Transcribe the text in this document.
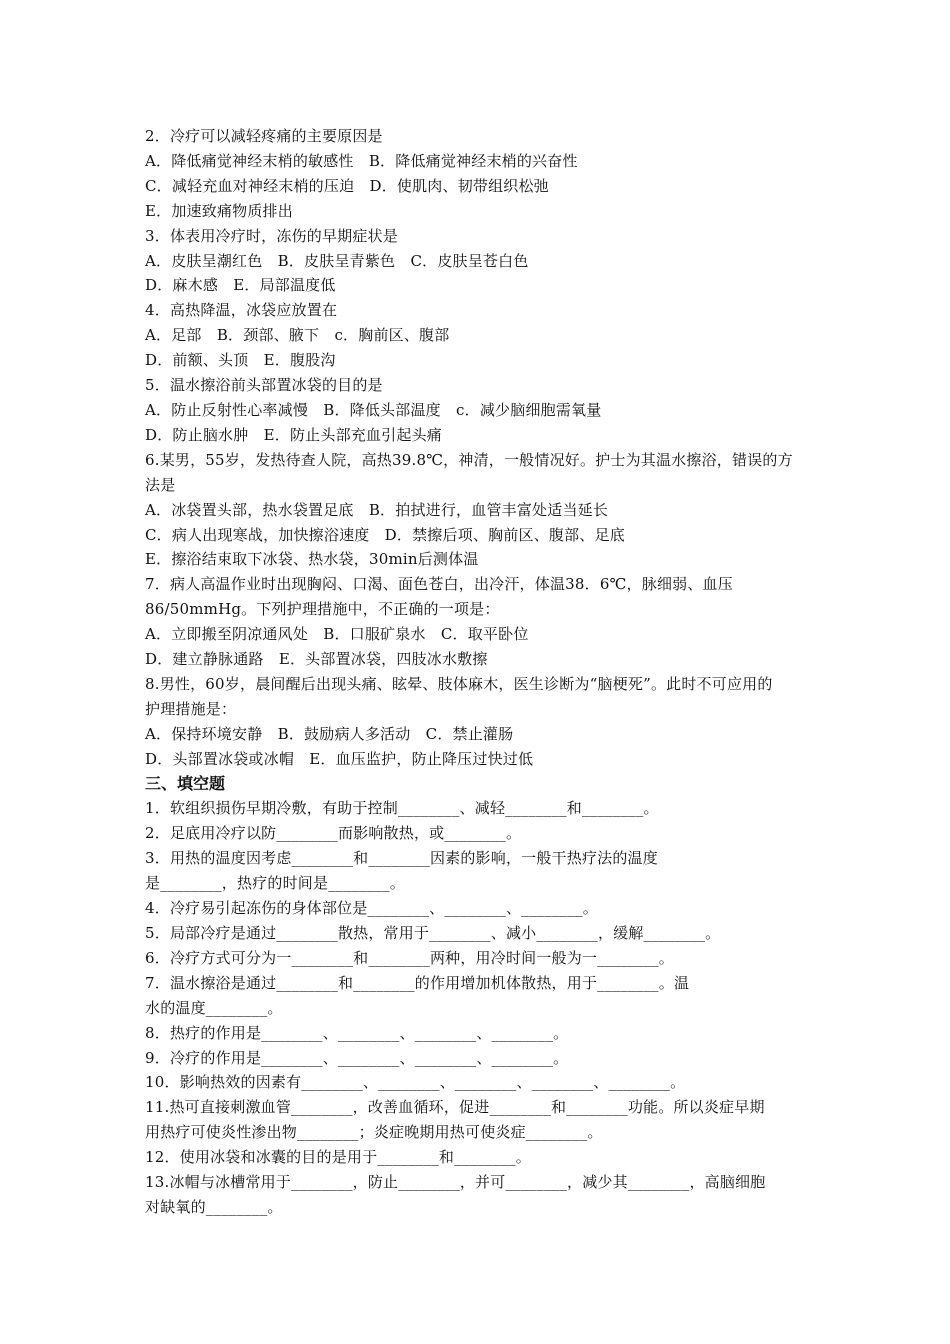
2．冷疗可以减轻疼痛的主要原因是
A．降低痛觉神经末梢的敏感性　B．降低痛觉神经末梢的兴奋性
C．减轻充血对神经末梢的压迫　D．使肌肉、韧带组织松弛
E．加速致痛物质排出
3．体表用冷疗时，冻伤的早期症状是
A．皮肤呈潮红色　B．皮肤呈青紫色　C．皮肤呈苍白色
D．麻木感　E．局部温度低
4．高热降温，冰袋应放置在
A．足部　B．颈部、腋下　c．胸前区、腹部
D．前额、头顶　E．腹股沟
5．温水擦浴前头部置冰袋的目的是
A．防止反射性心率减慢　B．降低头部温度　c．减少脑细胞需氧量
D．防止脑水肿　E．防止头部充血引起头痛
6.某男，55岁，发热待查人院，高热39.8℃，神清，一般情况好。护士为其温水擦浴，错误的方
法是
A．冰袋置头部，热水袋置足底　B．拍拭进行，血管丰富处适当延长
C．病人出现寒战，加快擦浴速度　D．禁擦后项、胸前区、腹部、足底
E．擦浴结束取下冰袋、热水袋，30min后测体温
7．病人高温作业时出现胸闷、口渴、面色苍白，出冷汗，体温38．6℃，脉细弱、血压
86/50mmHg。下列护理措施中，不正确的一项是：
A．立即搬至阴凉通风处　B．口服矿泉水　C．取平卧位
D．建立静脉通路　E．头部置冰袋，四肢冰水敷擦
8.男性，60岁，晨间醒后出现头痛、眩晕、肢体麻木，医生诊断为“脑梗死”。此时不可应用的
护理措施是：
A．保持环境安静　B．鼓励病人多活动　C．禁止灌肠
D．头部置冰袋或冰帽　E．血压监护，防止降压过快过低
三、填空题
1．软组织损伤早期冷敷，有助于控制________、减轻________和________。
2．足底用冷疗以防________而影响散热，或________。
3．用热的温度因考虑________和________因素的影响，一般干热疗法的温度
是________，热疗的时间是________。
4．冷疗易引起冻伤的身体部位是________、________、________。
5．局部冷疗是通过________散热，常用于________、减小________，缓解________。
6．冷疗方式可分为一________和________两种，用冷时间一般为一________。
7．温水擦浴是通过________和________的作用增加机体散热，用于________。温
水的温度________。
8．热疗的作用是________、________、________、________。
9．冷疗的作用是________、________、________、________。
10．影响热效的因素有________、________、________、________、________。
11.热可直接刺激血管________，改善血循环，促进________和________功能。所以炎症早期
用热疗可使炎性渗出物________；炎症晚期用热可使炎症________。
12．使用冰袋和冰囊的目的是用于________和________。
13.冰帽与冰槽常用于________，防止________，并可________，减少其________，高脑细胞
对缺氧的________。
